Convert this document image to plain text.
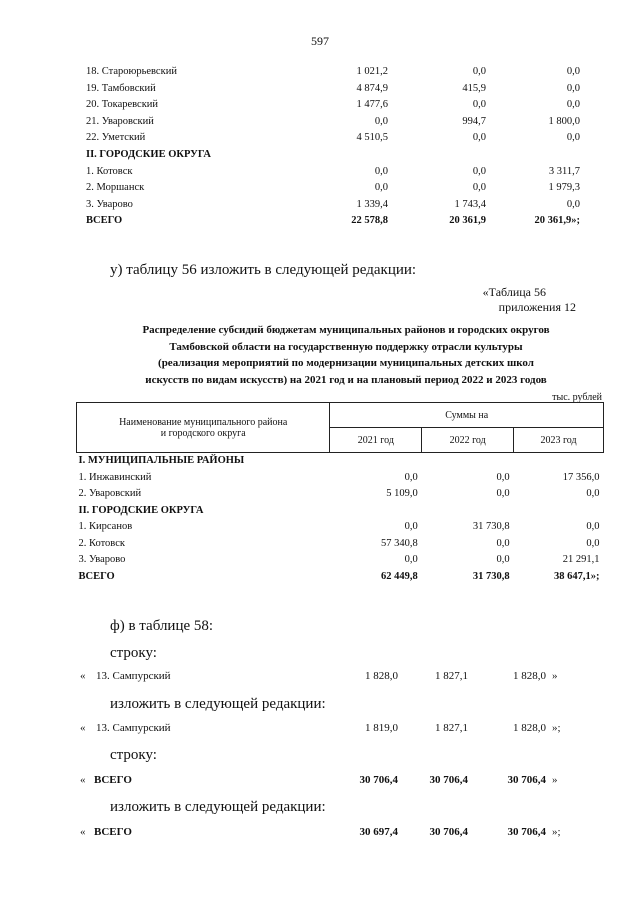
597
18. Староюрьевский	1 021,2	0,0	0,0	
19. Тамбовский	4 874,9	415,9	0,0	
20. Токаревский	1 477,6	0,0	0,0	
21. Уваровский	0,0	994,7	1 800,0	
22. Уметский	4 510,5	0,0	0,0	
II. ГОРОДСКИЕ ОКРУГА				
1. Котовск	0,0	0,0	3 311,7	
2. Моршанск	0,0	0,0	1 979,3	
3. Уварово	1 339,4	1 743,4	0,0	
ВСЕГО	22 578,8	20 361,9	20 361,9»;	
у) таблицу 56 изложить в следующей редакции:
«Таблица 56
приложения 12
Распределение субсидий бюджетам муниципальных районов и городских округов
Тамбовской области на государственную поддержку отрасли культуры
(реализация мероприятий по модернизации муниципальных детских школ
искусств по видам искусств) на 2021 год и на плановый период 2022 и 2023 годов
тыс. рублей
Наименование муниципального района
и городского округа	Суммы на		
	2021 год	2022 год	2023 год
I. МУНИЦИПАЛЬНЫЕ РАЙОНЫ			
1. Инжавинский	0,0	0,0	17 356,0
2. Уваровский	5 109,0	0,0	0,0
II. ГОРОДСКИЕ ОКРУГА			
1. Кирсанов	0,0	31 730,8	0,0
2. Котовск	57 340,8	0,0	0,0
3. Уварово	0,0	0,0	21 291,1
ВСЕГО	62 449,8	31 730,8	38 647,1»;
ф) в таблице 58:
строку:
« 13. Сампурский	1 828,0	1 827,1	1 828,0 »
изложить в следующей редакции:
« 13. Сампурский	1 819,0	1 827,1	1 828,0 »;
строку:
« ВСЕГО	30 706,4	30 706,4	30 706,4 »
изложить в следующей редакции:
« ВСЕГО	30 697,4	30 706,4	30 706,4 »;
